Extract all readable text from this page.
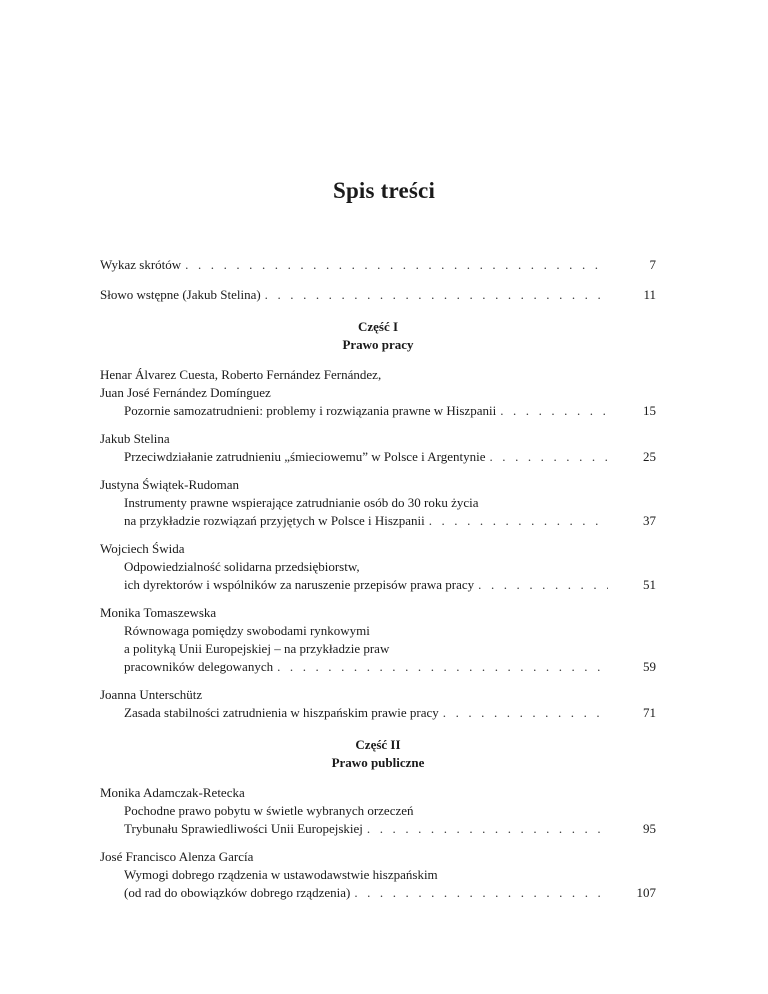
Spis treści
Wykaz skrótów . . .	7
Słowo wstępne (Jakub Stelina) . . .	11
Część I
Prawo pracy
Henar Álvarez Cuesta, Roberto Fernández Fernández,
Juan José Fernández Domínguez
Pozornie samozatrudnieni: problemy i rozwiązania prawne w Hiszpanii . . .	15
Jakub Stelina
Przeciwdziałanie zatrudnieniu „śmieciowemu” w Polsce i Argentynie . . .	25
Justyna Świątek-Rudoman
Instrumenty prawne wspierające zatrudnianie osób do 30 roku życia
na przykładzie rozwiązań przyjętych w Polsce i Hiszpanii . . .	37
Wojciech Świda
Odpowiedzialność solidarna przedsiębiorstw,
ich dyrektorów i wspólników za naruszenie przepisów prawa pracy . . .	51
Monika Tomaszewska
Równowaga pomiędzy swobodami rynkowymi
a polityką Unii Europejskiej – na przykładzie praw
pracowników delegowanych . . .	59
Joanna Unterschütz
Zasada stabilności zatrudnienia w hiszpańskim prawie pracy . . .	71
Część II
Prawo publiczne
Monika Adamczak-Retecka
Pochodne prawo pobytu w świetle wybranych orzeczeń
Trybunału Sprawiedliwości Unii Europejskiej . . .	95
José Francisco Alenza García
Wymogi dobrego rządzenia w ustawodawstwie hiszpańskim
(od rad do obowiązków dobrego rządzenia) . . .	107
